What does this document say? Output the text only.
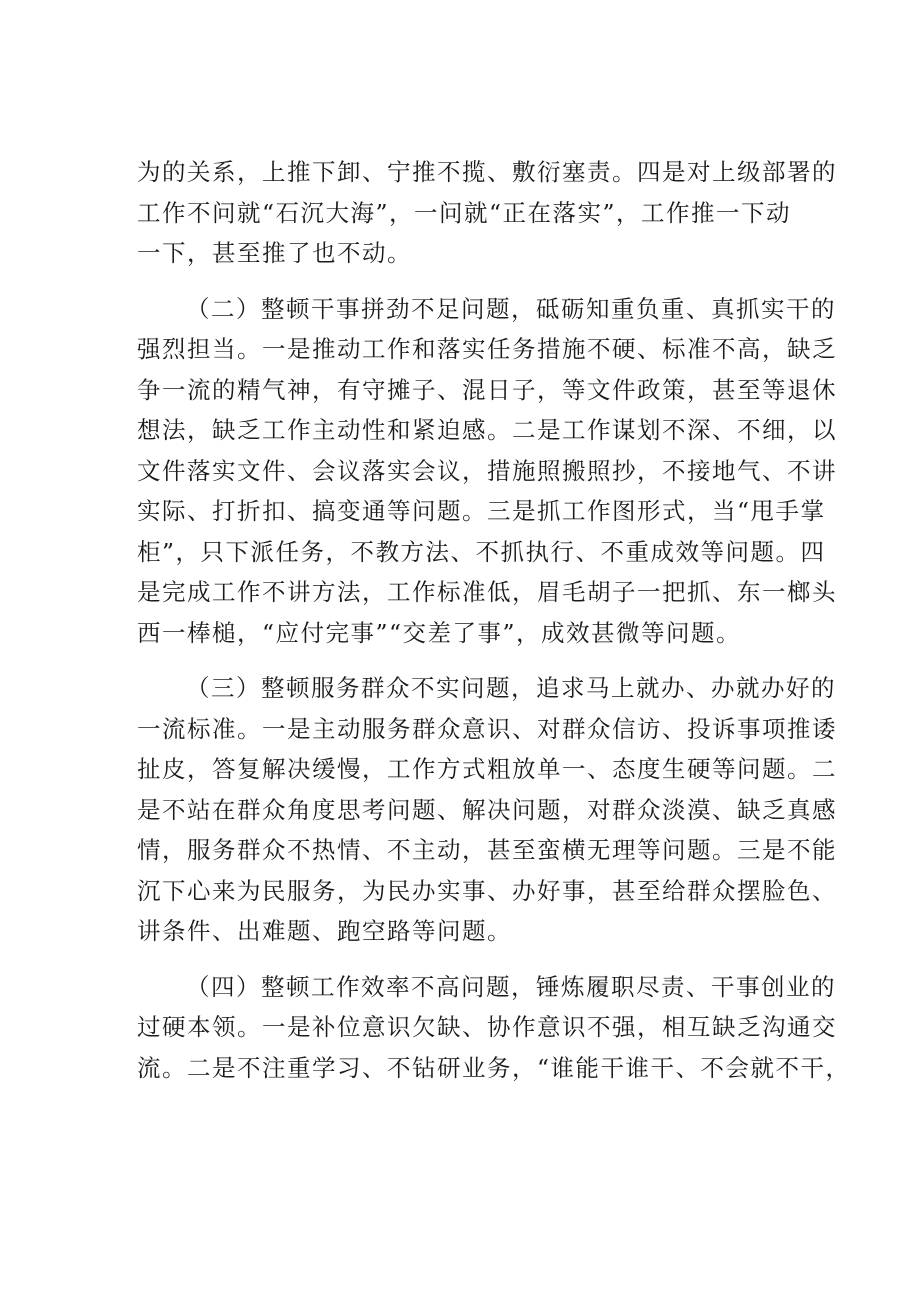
为的关系，上推下卸、宁推不揽、敷衍塞责。四是对上级部署的
工作不问就“石沉大海”，一问就“正在落实”，工作推一下动
一下，甚至推了也不动。
（二）整顿干事拼劲不足问题，砥砺知重负重、真抓实干的
强烈担当。一是推动工作和落实任务措施不硬、标准不高，缺乏
争一流的精气神，有守摊子、混日子，等文件政策，甚至等退休
想法，缺乏工作主动性和紧迫感。二是工作谋划不深、不细，以
文件落实文件、会议落实会议，措施照搬照抄，不接地气、不讲
实际、打折扣、搞变通等问题。三是抓工作图形式，当“甩手掌
柜”，只下派任务，不教方法、不抓执行、不重成效等问题。四
是完成工作不讲方法，工作标准低，眉毛胡子一把抓、东一榔头
西一棒槌，“应付完事”“交差了事”，成效甚微等问题。
（三）整顿服务群众不实问题，追求马上就办、办就办好的
一流标准。一是主动服务群众意识、对群众信访、投诉事项推诿
扯皮，答复解决缓慢，工作方式粗放单一、态度生硬等问题。二
是不站在群众角度思考问题、解决问题，对群众淡漠、缺乏真感
情，服务群众不热情、不主动，甚至蛮横无理等问题。三是不能
沉下心来为民服务，为民办实事、办好事，甚至给群众摆脸色、
讲条件、出难题、跑空路等问题。
（四）整顿工作效率不高问题，锤炼履职尽责、干事创业的
过硬本领。一是补位意识欠缺、协作意识不强，相互缺乏沟通交
流。二是不注重学习、不钻研业务，“谁能干谁干、不会就不干，
